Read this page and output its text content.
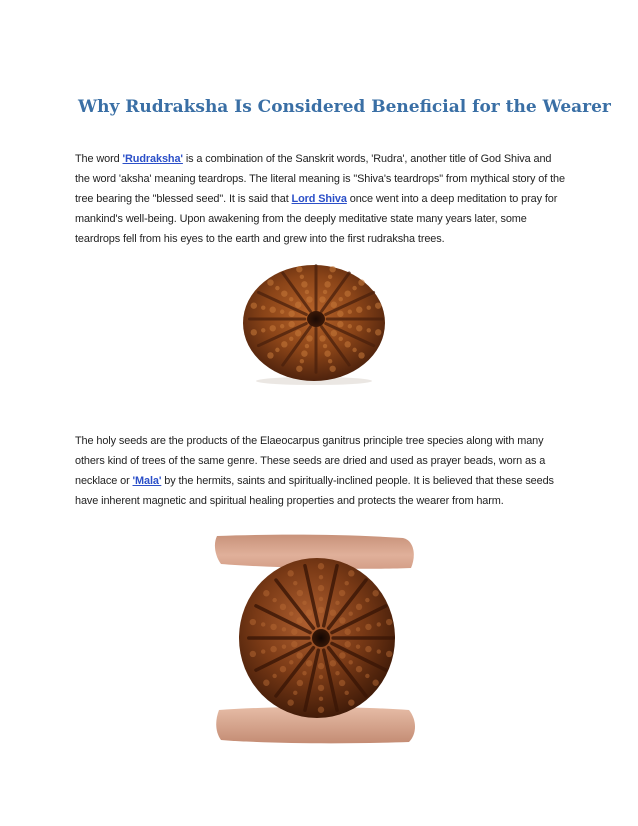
Why Rudraksha Is Considered Beneficial for the Wearer

The word 'Rudraksha' is a combination of the Sanskrit words, 'Rudra', another title of God Shiva and the word 'aksha' meaning teardrops. The literal meaning is "Shiva's teardrops" from mythical story of the tree bearing the "blessed seed". It is said that Lord Shiva once went into a deep meditation to pray for mankind's well-being. Upon awakening from the deeply meditative state many years later, some teardrops fell from his eyes to the earth and grew into the first rudraksha trees.

The holy seeds are the products of the Elaeocarpus ganitrus principle tree species along with many others kind of trees of the same genre. These seeds are dried and used as prayer beads, worn as a necklace or 'Mala' by the hermits, saints and spiritually-inclined people. It is believed that these seeds have inherent magnetic and spiritual healing properties and protects the wearer from harm.
